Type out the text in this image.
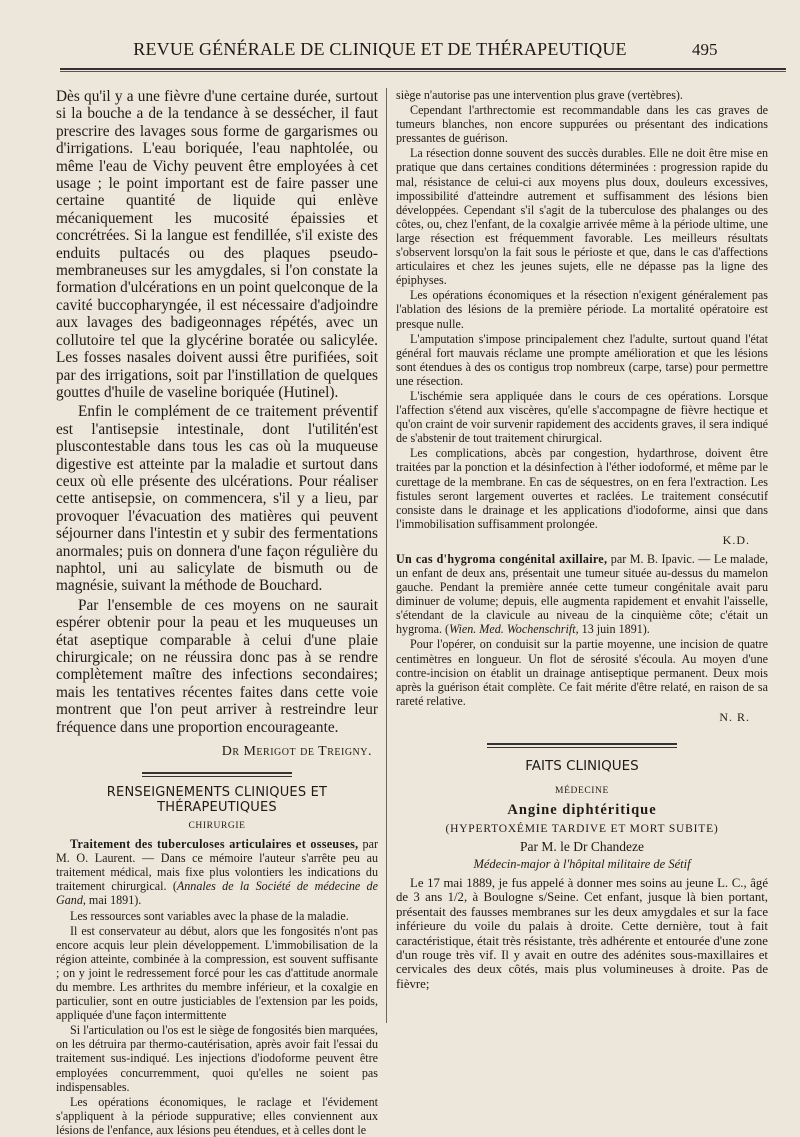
REVUE GÉNÉRALE DE CLINIQUE ET DE THÉRAPEUTIQUE	495

Dès qu'il y a une fièvre d'une certaine durée, surtout si la bouche a de la tendance à se dessécher, il faut prescrire des lavages sous forme de gargarismes ou d'irrigations. L'eau boriquée, l'eau naphtolée, ou même l'eau de Vichy peuvent être employées à cet usage ; le point important est de faire passer une certaine quantité de liquide qui enlève mécaniquement les mucosité épaissies et concrétrées. Si la langue est fendillée, s'il existe des enduits pultacés ou des plaques pseudo-membraneuses sur les amygdales, si l'on constate la formation d'ulcérations en un point quelconque de la cavité buccopharyngée, il est nécessaire d'adjoindre aux lavages des badigeonnages répétés, avec un collutoire tel que la glycérine boratée ou salicylée. Les fosses nasales doivent aussi être purifiées, soit par des irrigations, soit par l'instillation de quelques gouttes d'huile de vaseline boriquée (Hutinel).

Enfin le complément de ce traitement préventif est l'antisepsie intestinale, dont l'utilitén'est pluscontestable dans tous les cas où la muqueuse digestive est atteinte par la maladie et surtout dans ceux où elle présente des ulcérations. Pour réaliser cette antisepsie, on commencera, s'il y a lieu, par provoquer l'évacuation des matières qui peuvent séjourner dans l'intestin et y subir des fermentations anormales; puis on donnera d'une façon régulière du naphtol, uni au salicylate de bismuth ou de magnésie, suivant la méthode de Bouchard.

Par l'ensemble de ces moyens on ne saurait espérer obtenir pour la peau et les muqueuses un état aseptique comparable à celui d'une plaie chirurgicale; on ne réussira donc pas à se rendre complètement maître des infections secondaires; mais les tentatives récentes faites dans cette voie montrent que l'on peut arriver à restreindre leur fréquence dans une proportion encourageante.

Dr Merigot de Treigny.
RENSEIGNEMENTS CLINIQUES ET THÉRAPEUTIQUES
CHIRURGIE

Traitement des tuberculoses articulaires et osseuses, par M. O. Laurent. — Dans ce mémoire l'auteur s'arrête peu au traitement médical, mais fixe plus volontiers les indications du traitement chirurgical. (Annales de la Société de médecine de Gand, mai 1891).

Les ressources sont variables avec la phase de la maladie.

Il est conservateur au début, alors que les fongosités n'ont pas encore acquis leur plein développement. L'immobilisation de la région atteinte, combinée à la compression, est souvent suffisante ; on y joint le redressement forcé pour les cas d'attitude anormale du membre. Les arthrites du membre inférieur, et la coxalgie en particulier, sont en outre justiciables de l'extension par les poids, appliquée d'une façon intermittente

Si l'articulation ou l'os est le siège de fongosités bien marquées, on les détruira par thermo-cautérisation, après avoir fait l'essai du traitement sus-indiqué. Les injections d'iodoforme peuvent être employées concurremment, quoi qu'elles ne soient pas indispensables.

Les opérations économiques, le raclage et l'évidement s'appliquent à la période suppurative; elles conviennent aux lésions de l'enfance, aux lésions peu étendues, et à celles dont le

siège n'autorise pas une intervention plus grave (vertèbres).

Cependant l'arthrectomie est recommandable dans les cas graves de tumeurs blanches, non encore suppurées ou présentant des indications pressantes de guérison.

La résection donne souvent des succès durables. Elle ne doit être mise en pratique que dans certaines conditions déterminées : progression rapide du mal, résistance de celui-ci aux moyens plus doux, douleurs excessives, impossibilité d'atteindre autrement et suffisamment des lésions bien développées. Cependant s'il s'agit de la tuberculose des phalanges ou des côtes, ou, chez l'enfant, de la coxalgie arrivée même à la période ultime, une large résection est fréquemment favorable. Les meilleurs résultats s'observent lorsqu'on la fait sous le périoste et que, dans le cas d'affections articulaires et chez les jeunes sujets, elle ne dépasse pas la ligne des épiphyses.

Les opérations économiques et la résection n'exigent généralement pas l'ablation des lésions de la première période. La mortalité opératoire est presque nulle.

L'amputation s'impose principalement chez l'adulte, surtout quand l'état général fort mauvais réclame une prompte amélioration et que les lésions sont étendues à des os contigus trop nombreux (carpe, tarse) pour permettre une résection.

L'ischémie sera appliquée dans le cours de ces opérations. Lorsque l'affection s'étend aux viscères, qu'elle s'accompagne de fièvre hectique et qu'on craint de voir survenir rapidement des accidents graves, il sera indiqué de s'abstenir de tout traitement chirurgical.

Les complications, abcès par congestion, hydarthrose, doivent être traitées par la ponction et la désinfection à l'éther iodoformé, et même par le curettage de la membrane. En cas de séquestres, on en fera l'extraction. Les fistules seront largement ouvertes et raclées. Le traitement consécutif consiste dans le drainage et les applications d'iodoforme, ainsi que dans l'immobilisation suffisamment prolongée.

K.D.

Un cas d'hygroma congénital axillaire, par M. B. Ipavic. — Le malade, un enfant de deux ans, présentait une tumeur située au-dessus du mamelon gauche. Pendant la première année cette tumeur congénitale avait paru diminuer de volume; depuis, elle augmenta rapidement et envahit l'aisselle, s'étendant de la clavicule au niveau de la cinquième côte; c'était un hygroma. (Wien. Med. Wochenschrift, 13 juin 1891).

Pour l'opérer, on conduisit sur la partie moyenne, une incision de quatre centimètres en longueur. Un flot de sérosité s'écoula. Au moyen d'une contre-incision on établit un drainage antiseptique permanent. Deux mois après la guérison était complète. Ce fait mérite d'être relaté, en raison de sa rareté relative.

N. R.
FAITS CLINIQUES
MÉDECINE
Angine diphtéritique
(HYPERTOXÉMIE TARDIVE ET MORT SUBITE)
Par M. le Dr Chandeze
Médecin-major à l'hôpital militaire de Sétif

Le 17 mai 1889, je fus appelé à donner mes soins au jeune L. C., âgé de 3 ans 1/2, à Boulogne s/Seine. Cet enfant, jusque là bien portant, présentait des fausses membranes sur les deux amygdales et sur la face inférieure du voile du palais à droite. Cette dernière, tout à fait caractéristique, était très résistante, très adhérente et entourée d'une zone d'un rouge très vif. Il y avait en outre des adénites sous-maxillaires et cervicales des deux côtés, mais plus volumineuses à droite. Pas de fièvre;
